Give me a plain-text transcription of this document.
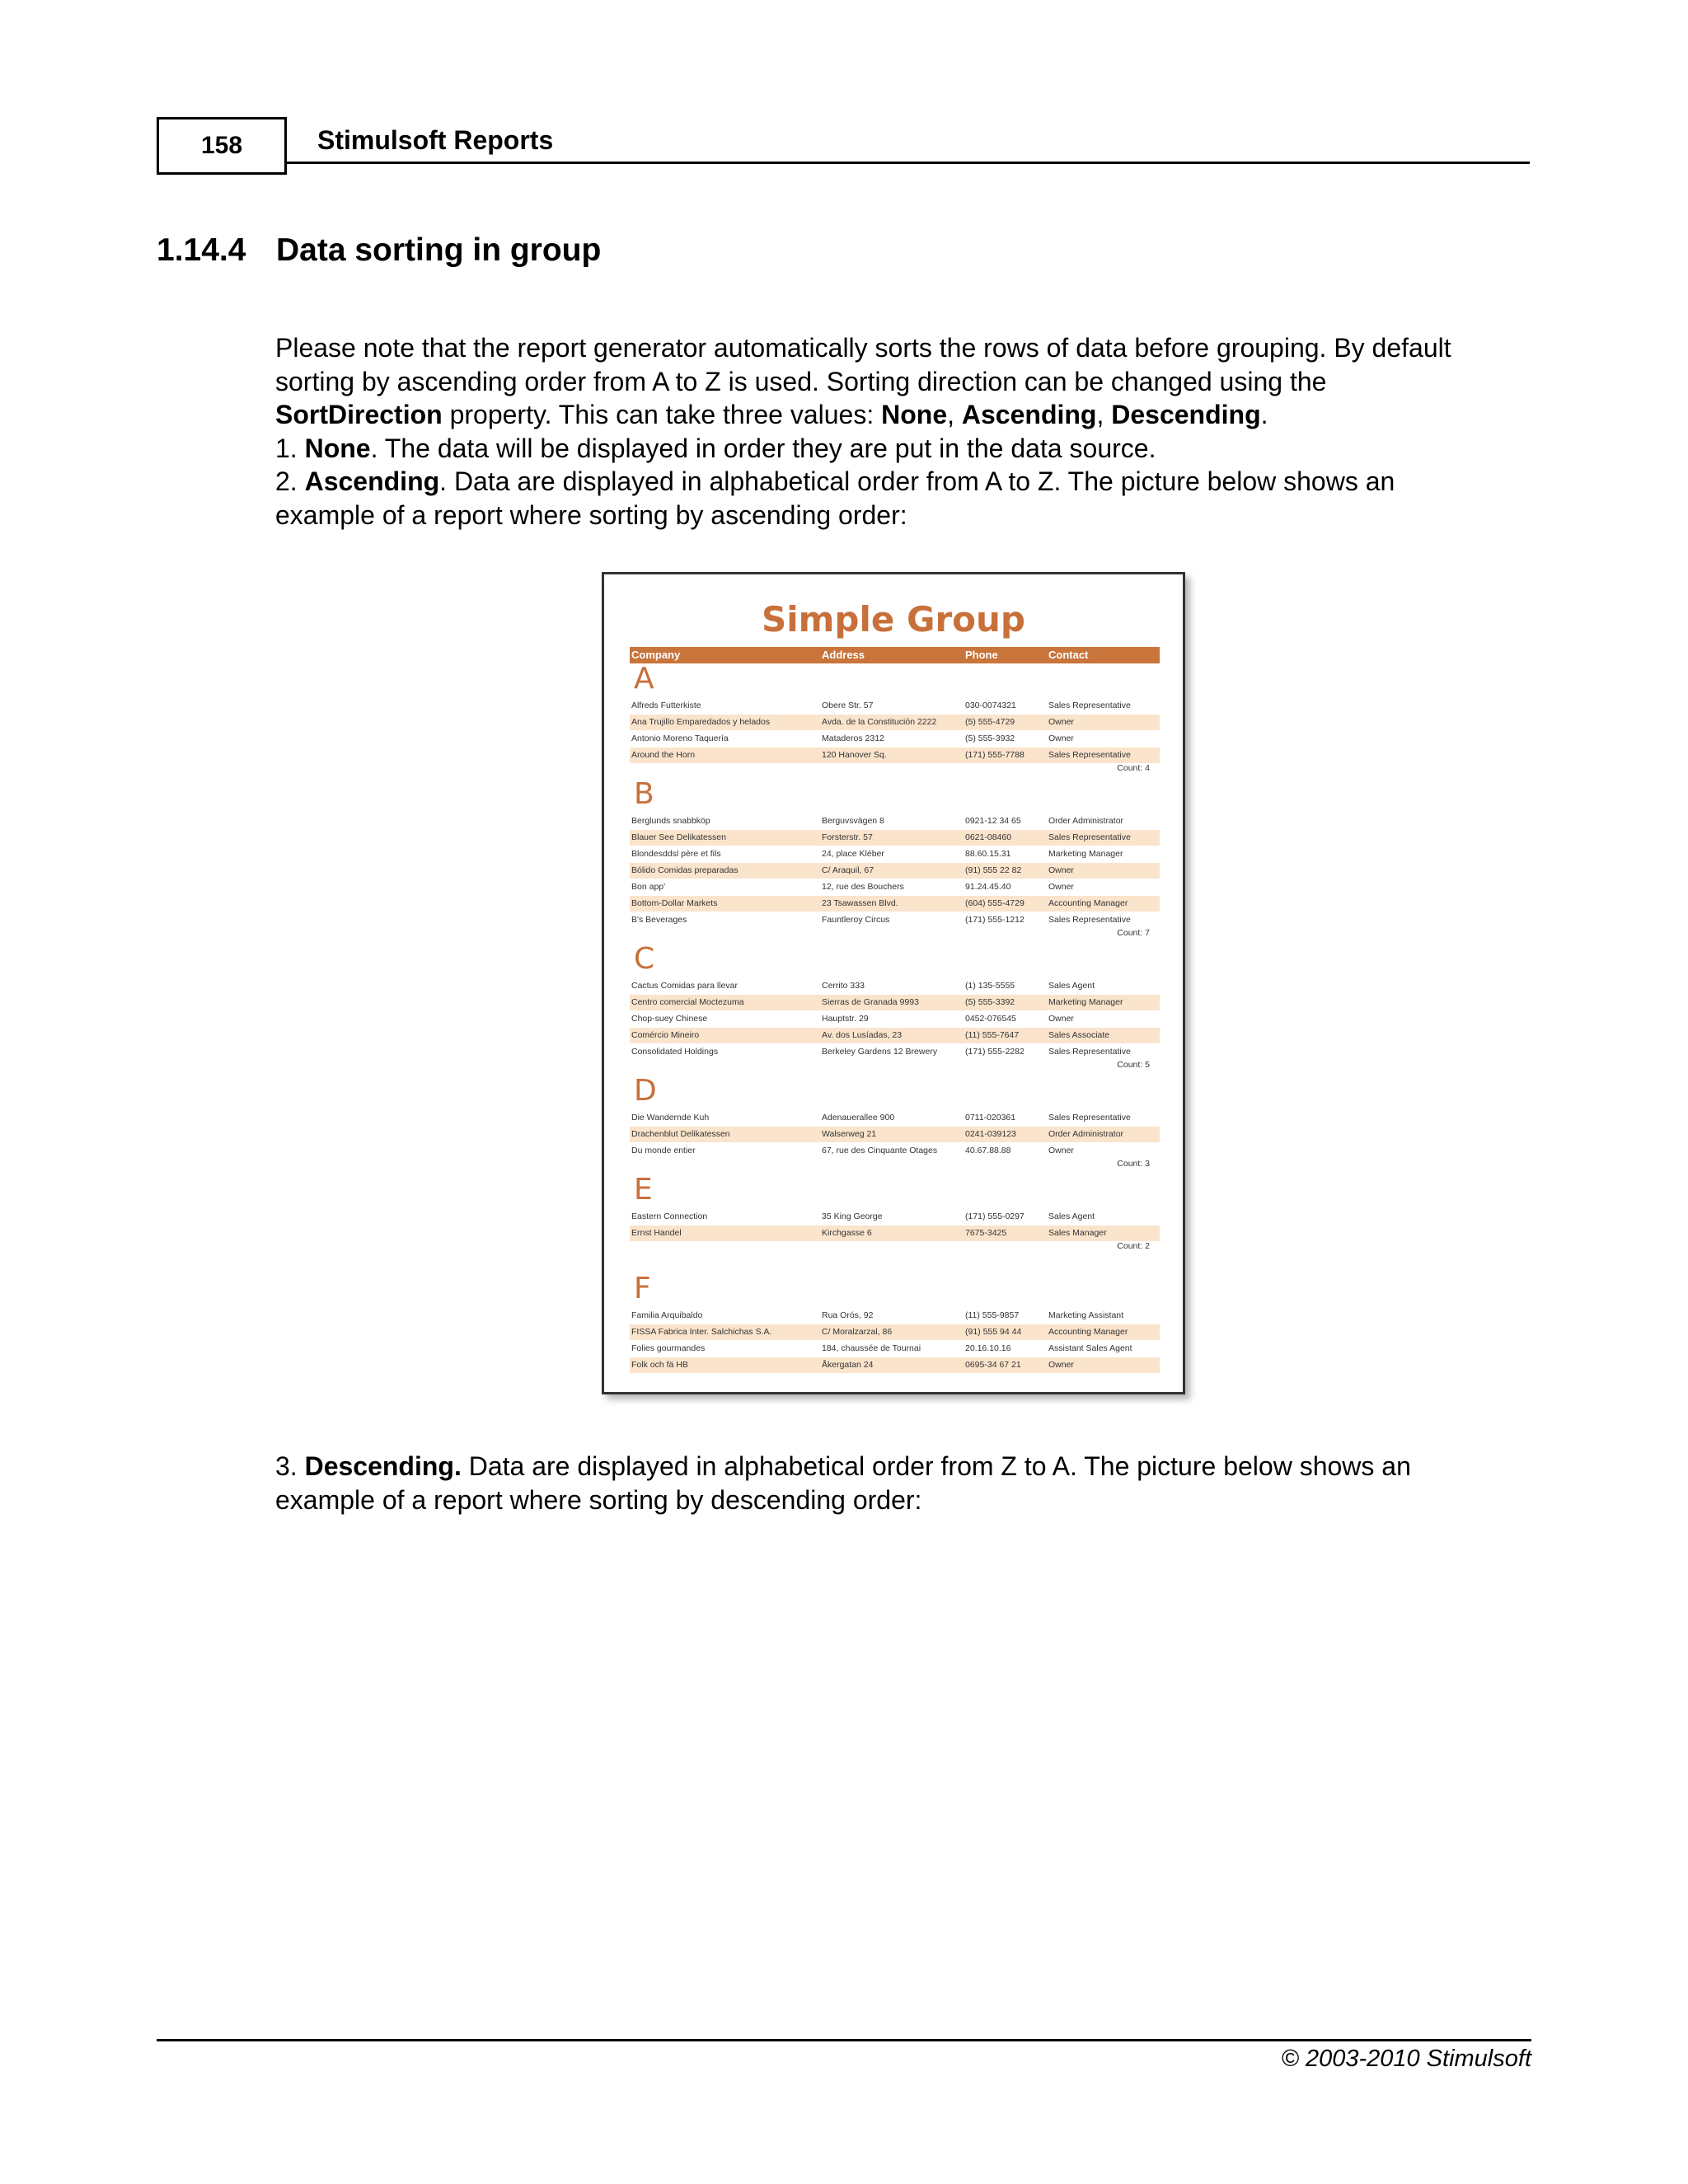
158	Stimulsoft Reports
1.14.4 Data sorting in group
Please note that the report generator automatically sorts the rows of data before grouping. By default
sorting by ascending order from A to Z is used. Sorting direction can be changed using the
SortDirection property. This can take three values: None, Ascending, Descending.
1. None. The data will be displayed in order they are put in the data source.
2. Ascending. Data are displayed in alphabetical order from A to Z. The picture below shows an
example of a report where sorting by ascending order:
Simple Group
Company	Address	Phone	Contact
A
Alfreds Futterkiste	Obere Str. 57	030-0074321	Sales Representative
Ana Trujillo Emparedados y helados	Avda. de la Constitución 2222	(5) 555-4729	Owner
Antonio Moreno Taquería	Mataderos 2312	(5) 555-3932	Owner
Around the Horn	120 Hanover Sq.	(171) 555-7788	Sales Representative
Count: 4
B
Berglunds snabbköp	Berguvsvägen 8	0921-12 34 65	Order Administrator
Blauer See Delikatessen	Forsterstr. 57	0621-08460	Sales Representative
Blondesddsl père et fils	24, place Kléber	88.60.15.31	Marketing Manager
Bólido Comidas preparadas	C/ Araquil, 67	(91) 555 22 82	Owner
Bon app'	12, rue des Bouchers	91.24.45.40	Owner
Bottom-Dollar Markets	23 Tsawassen Blvd.	(604) 555-4729	Accounting Manager
B's Beverages	Fauntleroy Circus	(171) 555-1212	Sales Representative
Count: 7
C
Cactus Comidas para llevar	Cerrito 333	(1) 135-5555	Sales Agent
Centro comercial Moctezuma	Sierras de Granada 9993	(5) 555-3392	Marketing Manager
Chop-suey Chinese	Hauptstr. 29	0452-076545	Owner
Comércio Mineiro	Av. dos Lusíadas, 23	(11) 555-7647	Sales Associate
Consolidated Holdings	Berkeley Gardens 12 Brewery	(171) 555-2282	Sales Representative
Count: 5
D
Die Wandernde Kuh	Adenauerallee 900	0711-020361	Sales Representative
Drachenblut Delikatessen	Walserweg 21	0241-039123	Order Administrator
Du monde entier	67, rue des Cinquante Otages	40.67.88.88	Owner
Count: 3
E
Eastern Connection	35 King George	(171) 555-0297	Sales Agent
Ernst Handel	Kirchgasse 6	7675-3425	Sales Manager
Count: 2
F
Familia Arquibaldo	Rua Orós, 92	(11) 555-9857	Marketing Assistant
FISSA Fabrica Inter. Salchichas S.A.	C/ Moralzarzal, 86	(91) 555 94 44	Accounting Manager
Folies gourmandes	184, chaussée de Tournai	20.16.10.16	Assistant Sales Agent
Folk och fä HB	Åkergatan 24	0695-34 67 21	Owner
3. Descending. Data are displayed in alphabetical order from Z to A. The picture below shows an
example of a report where sorting by descending order:
© 2003-2010 Stimulsoft
